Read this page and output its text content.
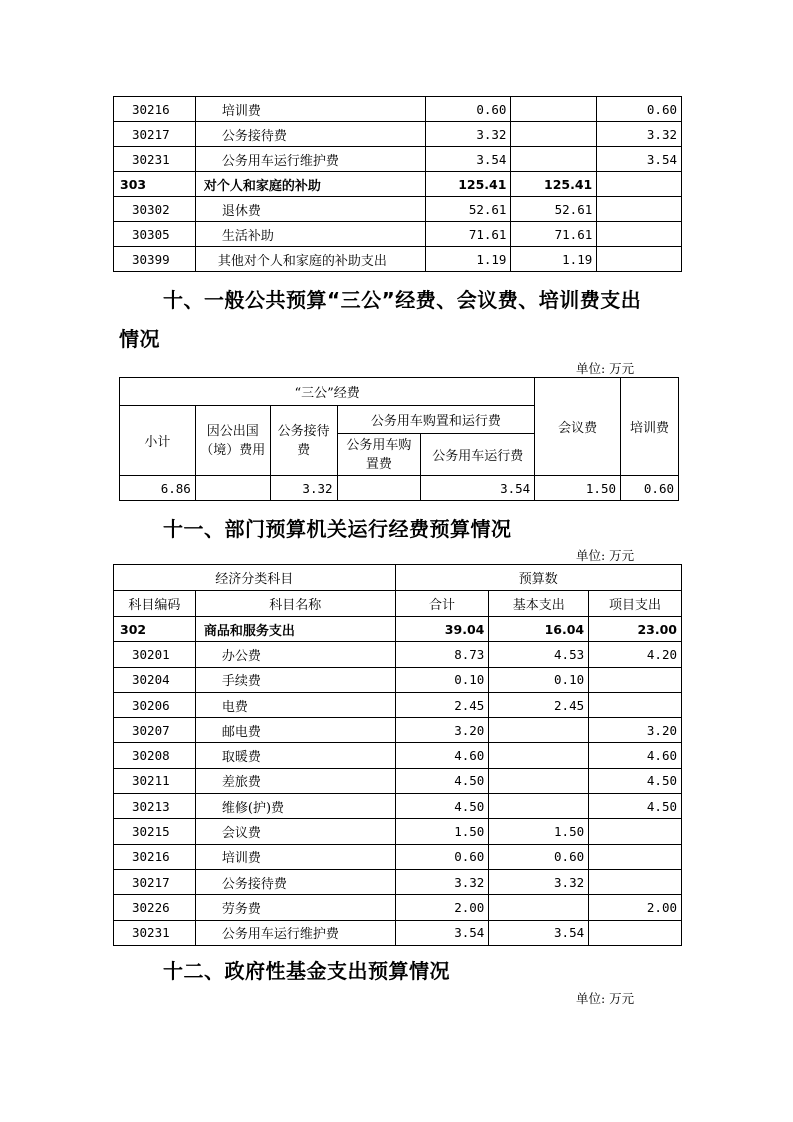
30216	培训费	0.60		0.60
30217	公务接待费	3.32		3.32
30231	公务用车运行维护费	3.54		3.54
303	对个人和家庭的补助	125.41	125.41	
30302	退休费	52.61	52.61	
30305	生活补助	71.61	71.61	
30399	其他对个人和家庭的补助支出	1.19	1.19	
十、一般公共预算“三公”经费、会议费、培训费支出
情况
单位: 万元
“三公”经费					会议费	培训费
小计	因公出国（境）费用	公务接待费	公务用车购置和运行费			
			公务用车购置费	公务用车运行费		
6.86		3.32		3.54	1.50	0.60
十一、部门预算机关运行经费预算情况
单位: 万元
经济分类科目		预算数		
科目编码	科目名称	合计	基本支出	项目支出
302	商品和服务支出	39.04	16.04	23.00
30201	办公费	8.73	4.53	4.20
30204	手续费	0.10	0.10	
30206	电费	2.45	2.45	
30207	邮电费	3.20		3.20
30208	取暖费	4.60		4.60
30211	差旅费	4.50		4.50
30213	维修(护)费	4.50		4.50
30215	会议费	1.50	1.50	
30216	培训费	0.60	0.60	
30217	公务接待费	3.32	3.32	
30226	劳务费	2.00		2.00
30231	公务用车运行维护费	3.54	3.54	
十二、政府性基金支出预算情况
单位: 万元
